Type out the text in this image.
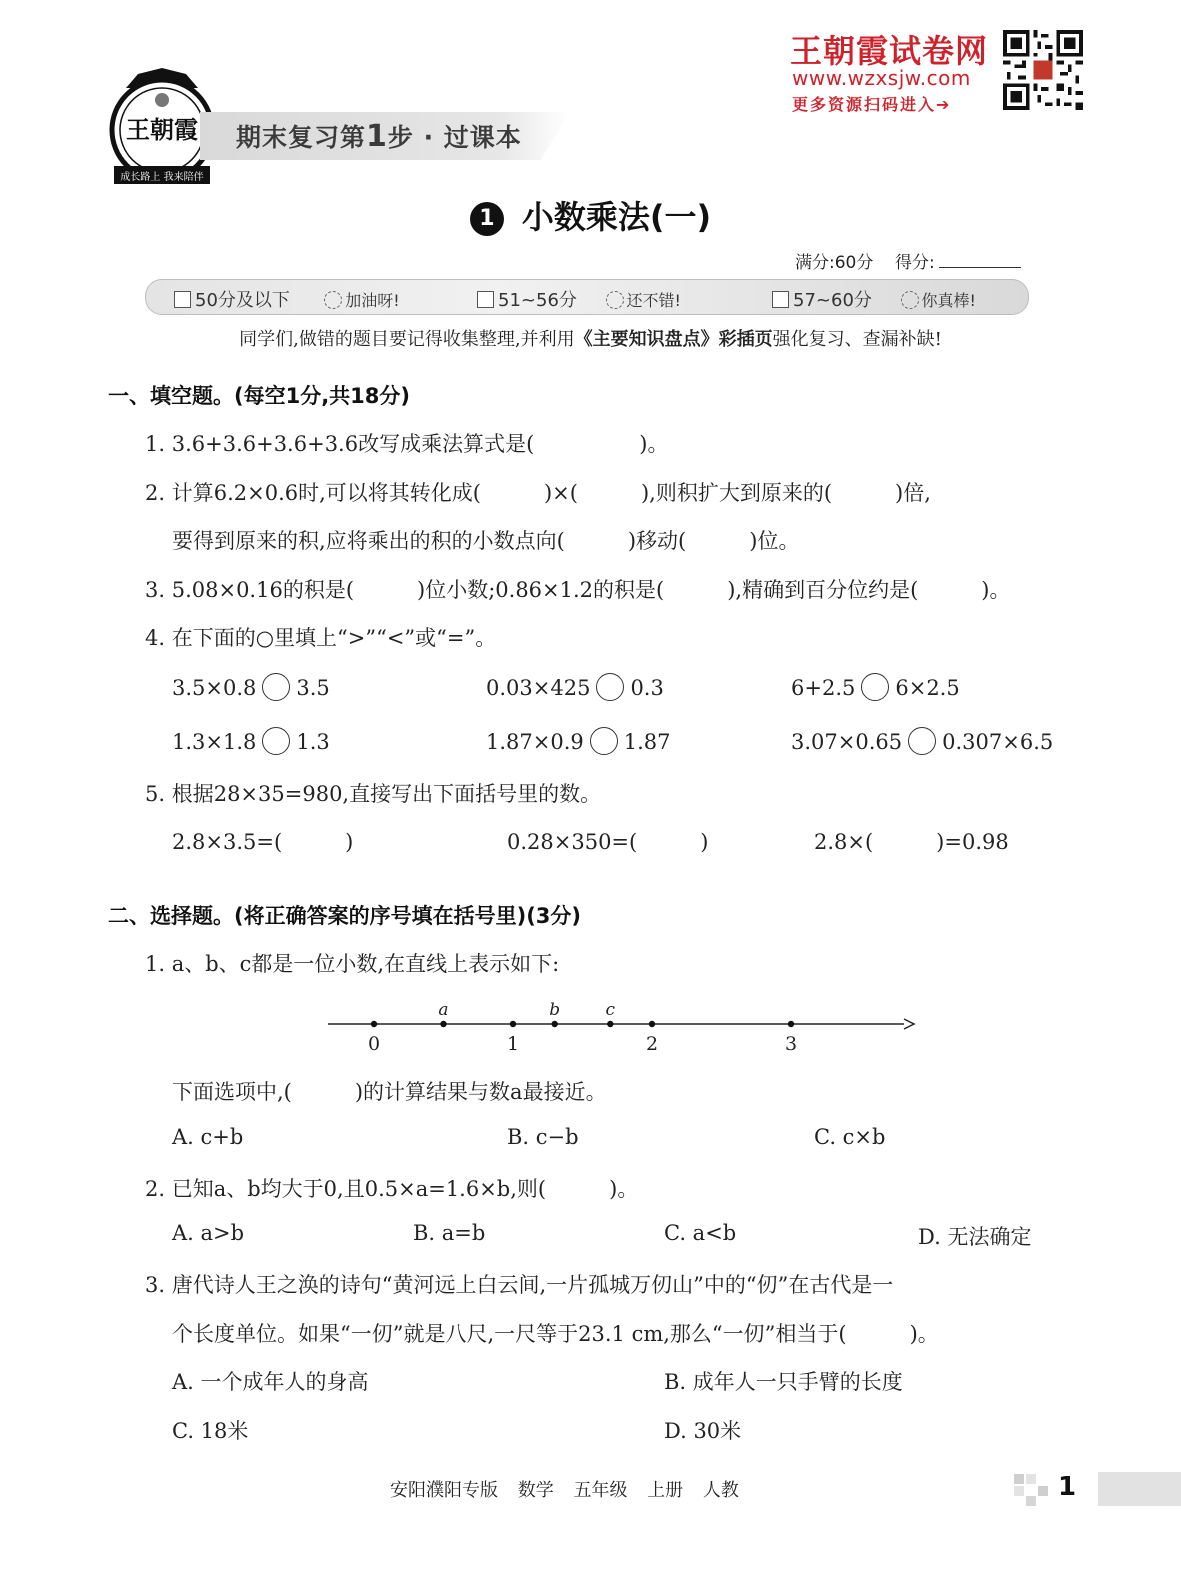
王朝霞
成长路上 我来陪伴
期末复习第1步 · 过课本
王朝霞试卷网
www.wzxsjw.com
更多资源扫码进入➔
1 小数乘法(一)
满分:60分 得分:
50分及以下	加油呀!	51~56分	还不错!	57~60分	你真棒!
同学们,做错的题目要记得收集整理,并利用《主要知识盘点》彩插页强化复习、查漏补缺!
一、填空题。(每空1分,共18分)
1. 3.6+3.6+3.6+3.6改写成乘法算式是(　　　　　)。
2. 计算6.2×0.6时,可以将其转化成(　　　)×(　　　),则积扩大到原来的(　　　)倍,
要得到原来的积,应将乘出的积的小数点向(　　　)移动(　　　)位。
3. 5.08×0.16的积是(　　　)位小数;0.86×1.2的积是(　　　),精确到百分位约是(　　　)。
4. 在下面的○里填上“>”“<”或“=”。
3.5×0.8 3.5	0.03×425 0.3	6+2.5 6×2.5
1.3×1.8 1.3	1.87×0.9 1.87	3.07×0.65 0.307×6.5
5. 根据28×35=980,直接写出下面括号里的数。
2.8×3.5=(　　　)	0.28×350=(　　　)	2.8×(　　　)=0.98
二、选择题。(将正确答案的序号填在括号里)(3分)
1. a、b、c都是一位小数,在直线上表示如下:
0	1	2	3
a	b	c
下面选项中,(　　　)的计算结果与数a最接近。
A. c+b	B. c−b	C. c×b
2. 已知a、b均大于0,且0.5×a=1.6×b,则(　　　)。
A. a>b	B. a=b	C. a<b	D. 无法确定
3. 唐代诗人王之涣的诗句“黄河远上白云间,一片孤城万仞山”中的“仞”在古代是一
个长度单位。如果“一仞”就是八尺,一尺等于23.1 cm,那么“一仞”相当于(　　　)。
A. 一个成年人的身高	B. 成年人一只手臂的长度
C. 18米	D. 30米
安阳濮阳专版 数学 五年级 上册 人教	1
